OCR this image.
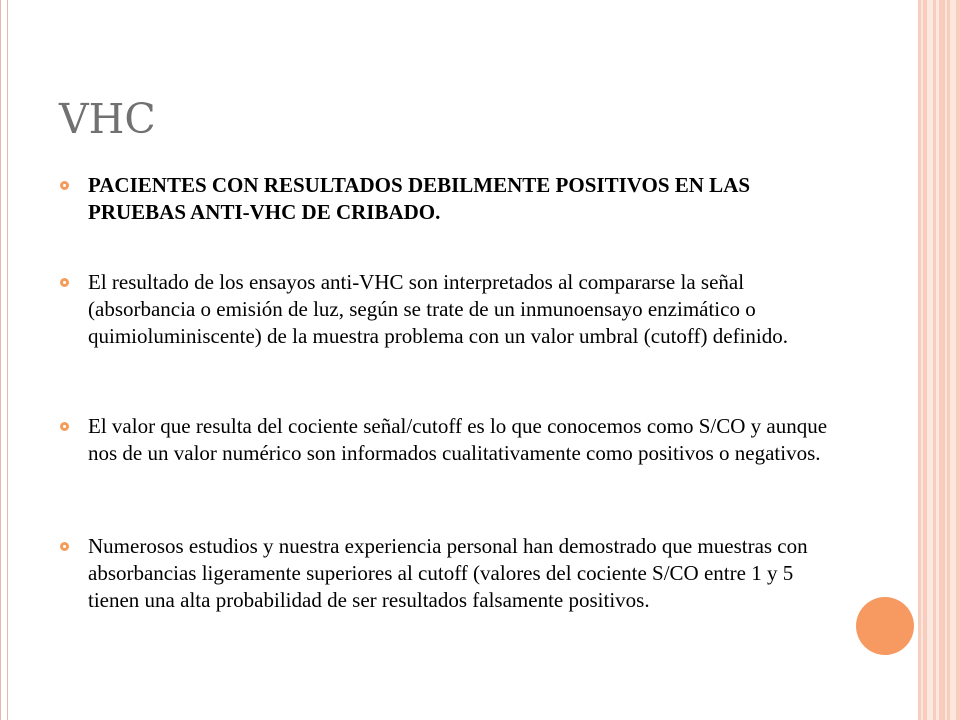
VHC
PACIENTES CON RESULTADOS DEBILMENTE POSITIVOS EN LAS PRUEBAS ANTI-VHC DE CRIBADO.
El resultado de los ensayos anti-VHC son interpretados al compararse la señal (absorbancia o emisión de luz, según se trate de un inmunoensayo enzimático o quimioluminiscente) de la muestra problema con un valor umbral (cutoff) definido.
El valor que resulta del cociente señal/cutoff es lo que conocemos como S/CO y aunque nos de un valor numérico son informados cualitativamente como positivos o negativos.
Numerosos estudios y nuestra experiencia personal han demostrado que muestras con absorbancias ligeramente superiores al cutoff (valores del cociente S/CO entre 1 y 5 tienen una alta probabilidad de ser resultados falsamente positivos.
